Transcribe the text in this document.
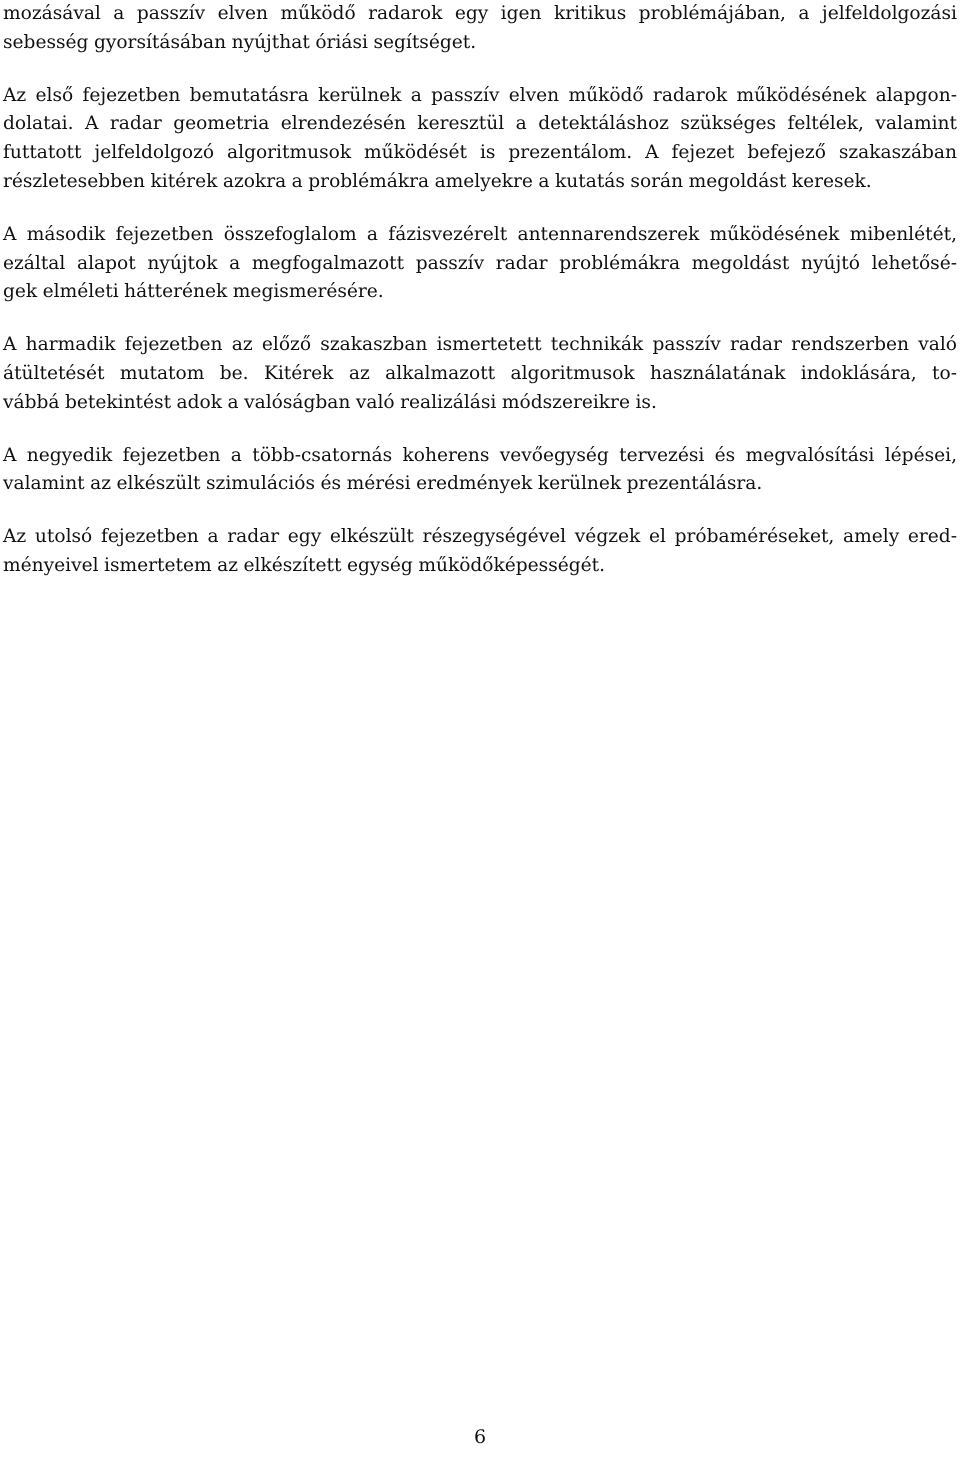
mozásával a passzív elven működő radarok egy igen kritikus problémájában, a jelfeldolgozási
sebesség gyorsításában nyújthat óriási segítséget.

Az első fejezetben bemutatásra kerülnek a passzív elven működő radarok működésének alapgon-
dolatai. A radar geometria elrendezésén keresztül a detektáláshoz szükséges feltélek, valamint
futtatott jelfeldolgozó algoritmusok működését is prezentálom. A fejezet befejező szakaszában
részletesebben kitérek azokra a problémákra amelyekre a kutatás során megoldást keresek.

A második fejezetben összefoglalom a fázisvezérelt antennarendszerek működésének mibenlétét,
ezáltal alapot nyújtok a megfogalmazott passzív radar problémákra megoldást nyújtó lehetősé-
gek elméleti hátterének megismerésére.

A harmadik fejezetben az előző szakaszban ismertetett technikák passzív radar rendszerben való
átültetését mutatom be. Kitérek az alkalmazott algoritmusok használatának indoklására, to-
vábbá betekintést adok a valóságban való realizálási módszereikre is.

A negyedik fejezetben a több-csatornás koherens vevőegység tervezési és megvalósítási lépései,
valamint az elkészült szimulációs és mérési eredmények kerülnek prezentálásra.

Az utolsó fejezetben a radar egy elkészült részegységével végzek el próbaméréseket, amely ered-
ményeivel ismertetem az elkészített egység működőképességét.

6
